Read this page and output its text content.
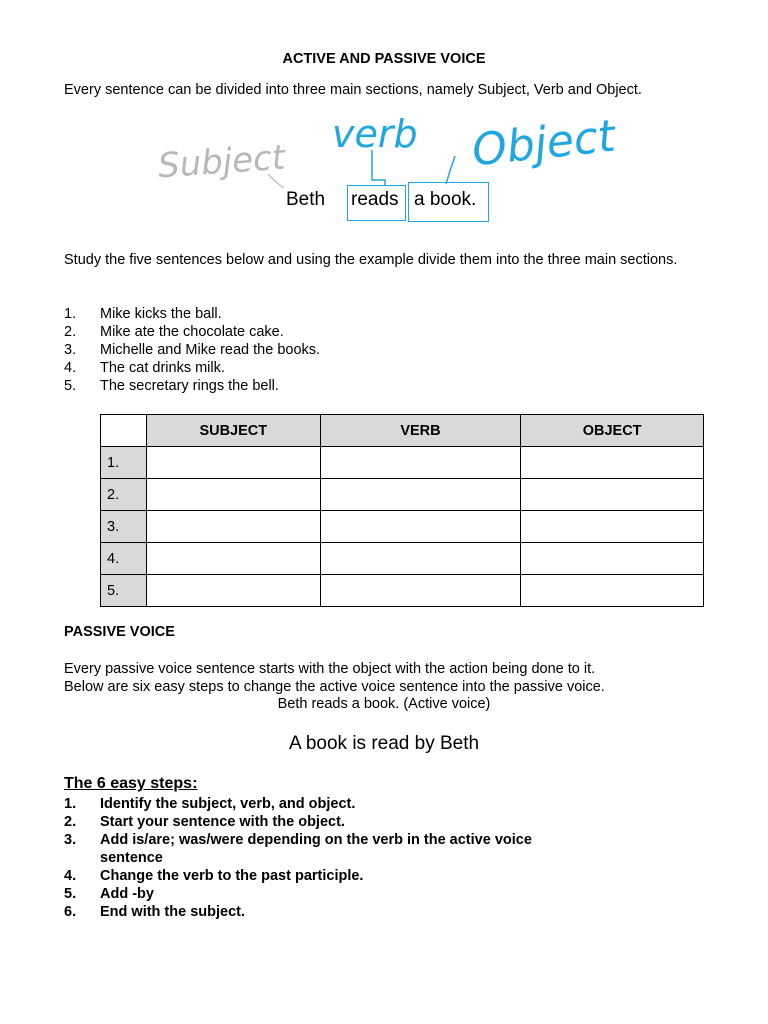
ACTIVE AND PASSIVE VOICE
Every sentence can be divided into three main sections, namely Subject, Verb and Object.
Subject
verb Object
Beth reads a book.
Study the five sentences below and using the example divide them into the three main sections.
1. Mike kicks the ball.
2. Mike ate the chocolate cake.
3. Michelle and Mike read the books.
4. The cat drinks milk.
5. The secretary rings the bell.
	SUBJECT	VERB	OBJECT
1.			
2.			
3.			
4.			
5.			
PASSIVE VOICE
Every passive voice sentence starts with the object with the action being done to it.
Below are six easy steps to change the active voice sentence into the passive voice.
Beth reads a book. (Active voice)
A book is read by Beth
The 6 easy steps:
1. Identify the subject, verb, and object.
2. Start your sentence with the object.
3. Add is/are; was/were depending on the verb in the active voice sentence
4. Change the verb to the past participle.
5. Add -by
6. End with the subject.
